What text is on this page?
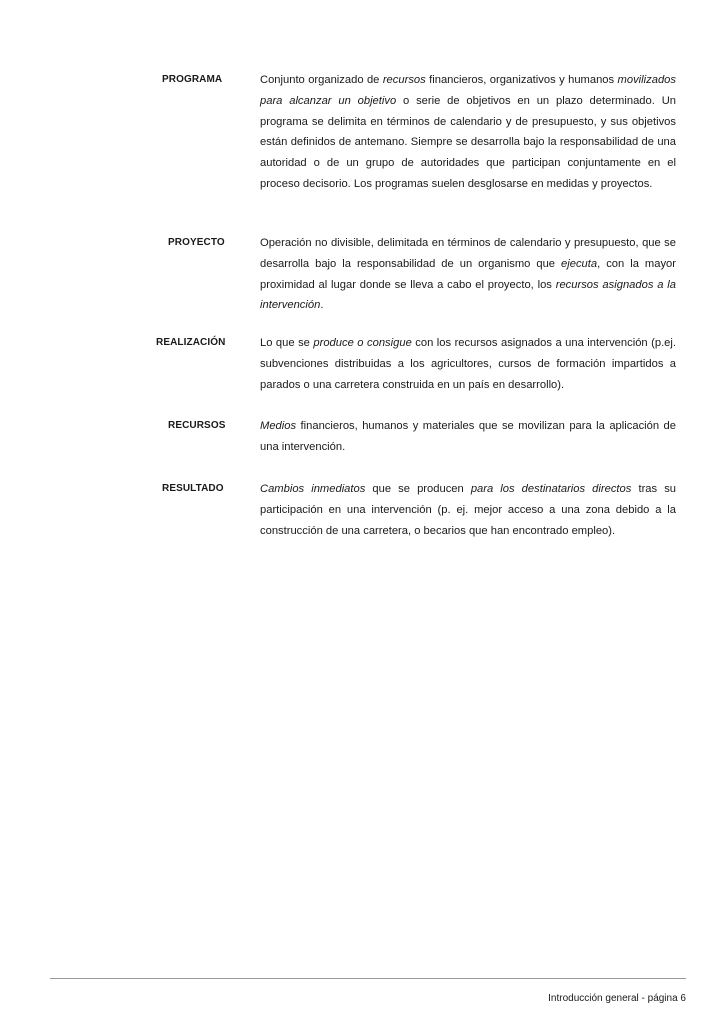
PROGRAMA	Conjunto organizado de recursos financieros, organizativos y humanos movilizados para alcanzar un objetivo o serie de objetivos en un plazo determinado. Un programa se delimita en términos de calendario y de presupuesto, y sus objetivos están definidos de antemano. Siempre se desarrolla bajo la responsabilidad de una autoridad o de un grupo de autoridades que participan conjuntamente en el proceso decisorio. Los programas suelen desglosarse en medidas y proyectos.
PROYECTO	Operación no divisible, delimitada en términos de calendario y presupuesto, que se desarrolla bajo la responsabilidad de un organismo que ejecuta, con la mayor proximidad al lugar donde se lleva a cabo el proyecto, los recursos asignados a la intervención.
REALIZACIÓN	Lo que se produce o consigue con los recursos asignados a una intervención (p.ej. subvenciones distribuidas a los agricultores, cursos de formación impartidos a parados o una carretera construida en un país en desarrollo).
RECURSOS	Medios financieros, humanos y materiales que se movilizan para la aplicación de una intervención.
RESULTADO	Cambios inmediatos que se producen para los destinatarios directos tras su participación en una intervención (p. ej. mejor acceso a una zona debido a la construcción de una carretera, o becarios que han encontrado empleo).
Introducción general - página 6
